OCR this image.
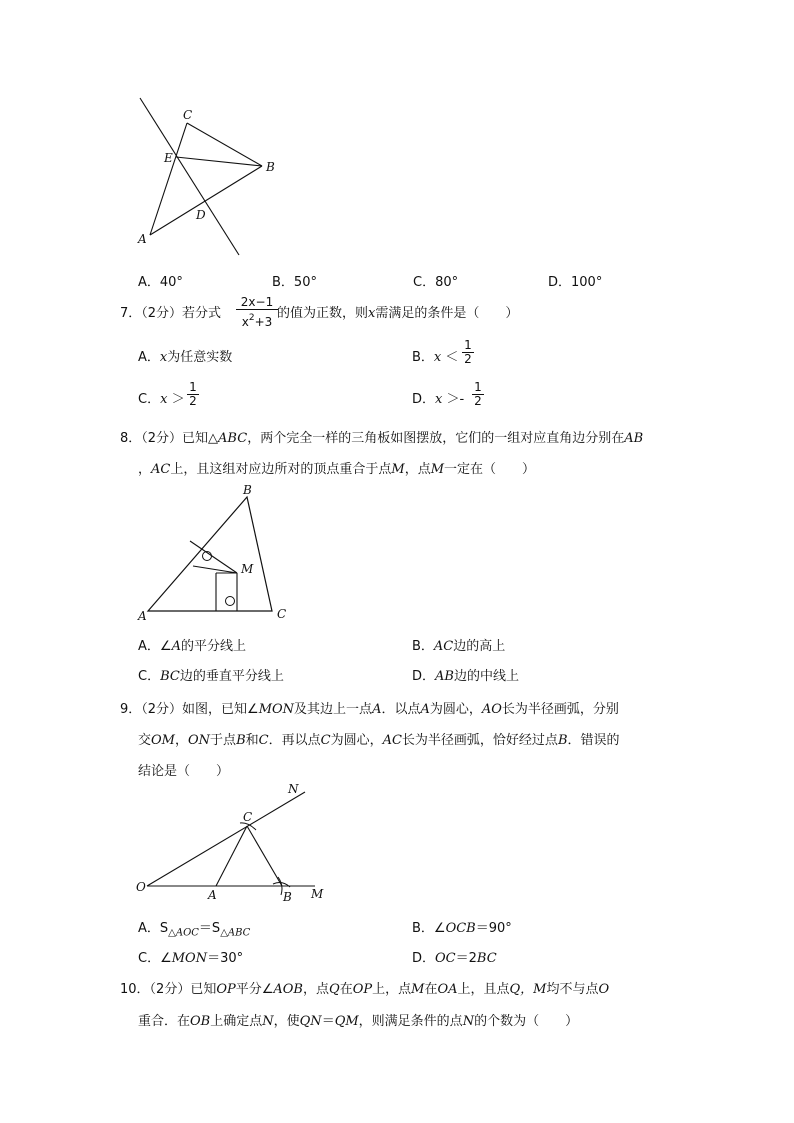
C
E
B
D
A
A．40°	B．50°	C．80°	D．100°
7．（2分）若分式 $\frac{2x-1}{x^2+3}$ 的值为正数，则x需满足的条件是（　　）
A．x为任意实数	B．$x < \frac{1}{2}$
C．$x > \frac{1}{2}$	D．$x >- \frac{1}{2}$
8．（2分）已知△ABC，两个完全一样的三角板如图摆放，它们的一组对应直角边分别在AB
，AC上，且这组对应边所对的顶点重合于点M，点M一定在（　　）
B
M
A	C
A．∠A的平分线上	B．AC边的高上
C．BC边的垂直平分线上	D．AB边的中线上
9．（2分）如图，已知∠MON及其边上一点A．以点A为圆心，AO长为半径画弧，分别
交OM，ON于点B和C．再以点C为圆心，AC长为半径画弧，恰好经过点B．错误的
结论是（　　）
N
C
O
A	B M
A．$S_{\triangle AOC}=S_{\triangle ABC}$	B．∠OCB＝90°
C．∠MON＝30°	D．OC＝2BC
10．（2分）已知OP平分∠AOB，点Q在OP上，点M在OA上，且点Q，M均不与点O
重合．在OB上确定点N，使QN＝QM，则满足条件的点N的个数为（　　）
